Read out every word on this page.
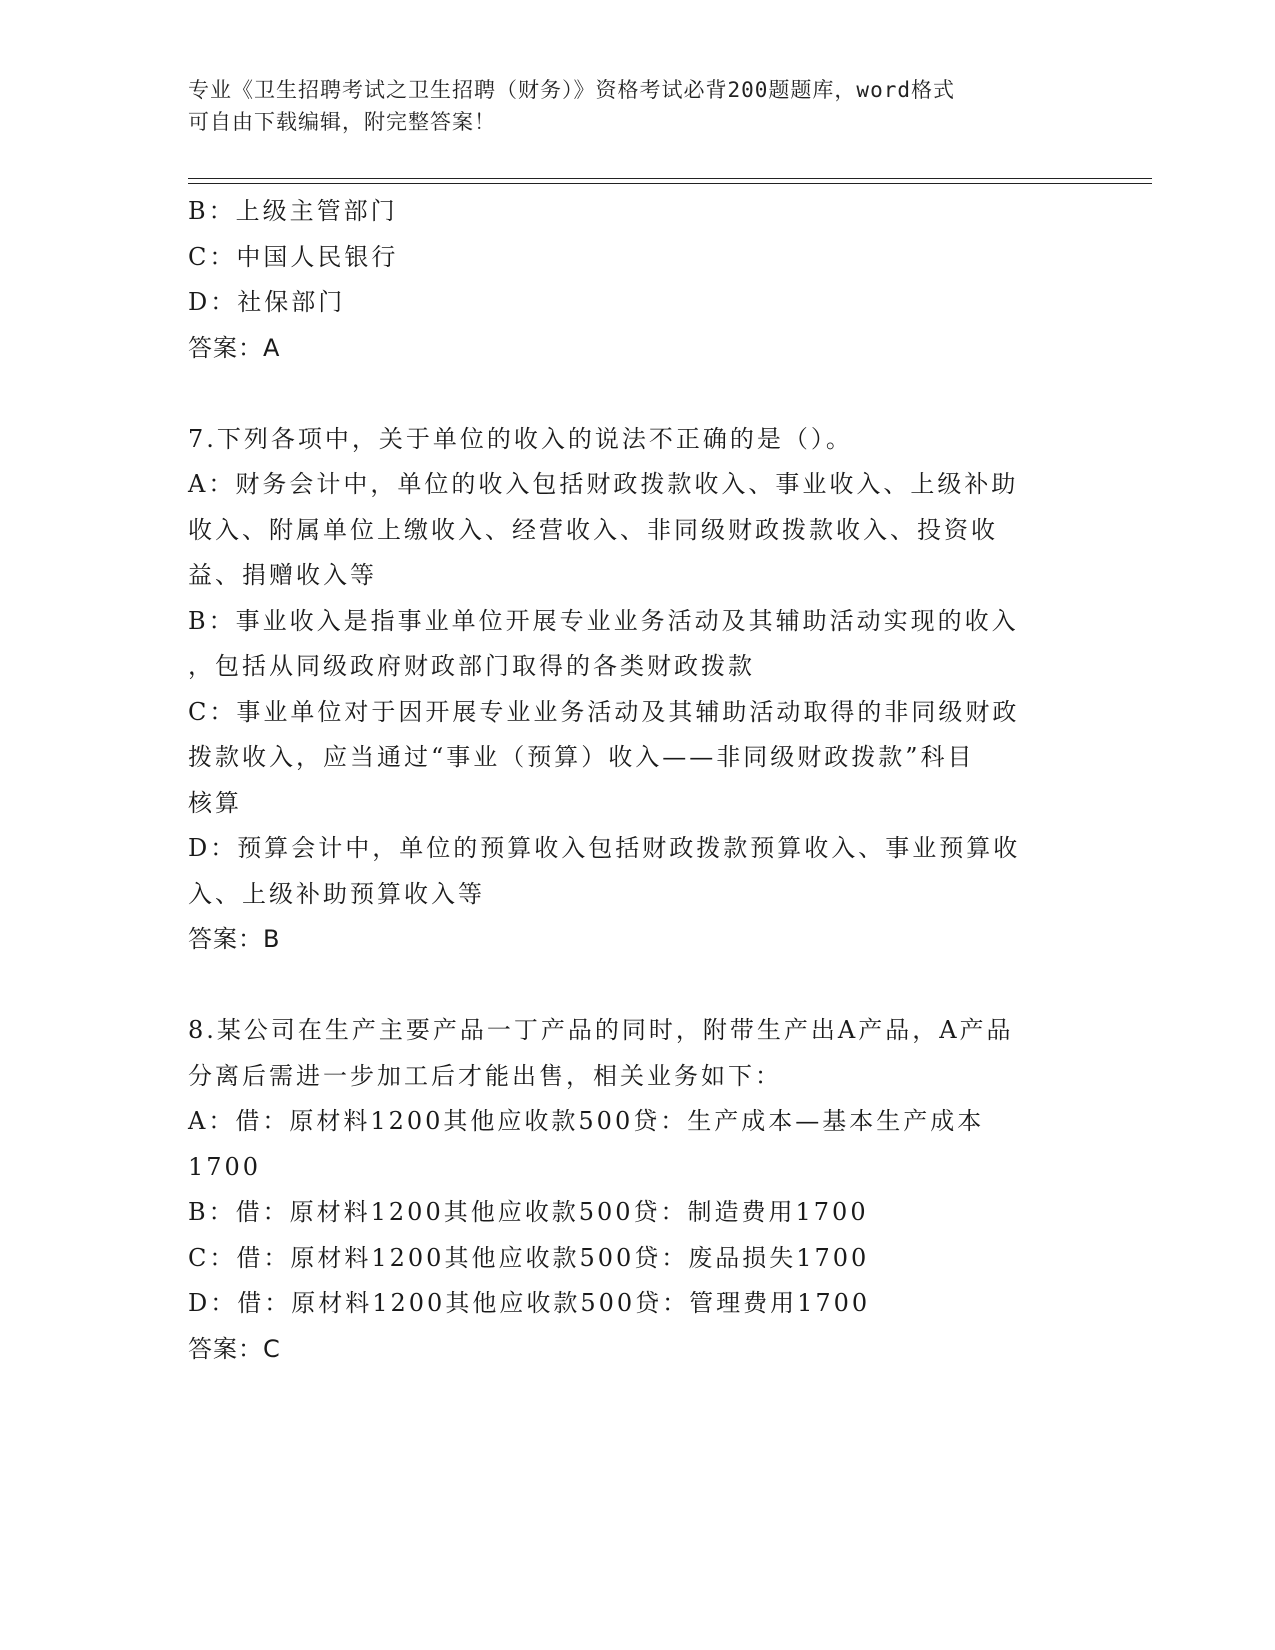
专业《卫生招聘考试之卫生招聘（财务）》资格考试必背200题题库，word格式
可自由下载编辑，附完整答案！
B：上级主管部门
C：中国人民银行
D：社保部门
答案：A
7.下列各项中，关于单位的收入的说法不正确的是（）。
A：财务会计中，单位的收入包括财政拨款收入、事业收入、上级补助
收入、附属单位上缴收入、经营收入、非同级财政拨款收入、投资收
益、捐赠收入等
B：事业收入是指事业单位开展专业业务活动及其辅助活动实现的收入
，包括从同级政府财政部门取得的各类财政拨款
C：事业单位对于因开展专业业务活动及其辅助活动取得的非同级财政
拨款收入，应当通过“事业（预算）收入——非同级财政拨款”科目
核算
D：预算会计中，单位的预算收入包括财政拨款预算收入、事业预算收
入、上级补助预算收入等
答案：B
8.某公司在生产主要产品一丁产品的同时，附带生产出A产品，A产品
分离后需进一步加工后才能出售，相关业务如下：
A：借：原材料1200其他应收款500贷：生产成本—基本生产成本
1700
B：借：原材料1200其他应收款500贷：制造费用1700
C：借：原材料1200其他应收款500贷：废品损失1700
D：借：原材料1200其他应收款500贷：管理费用1700
答案：C
